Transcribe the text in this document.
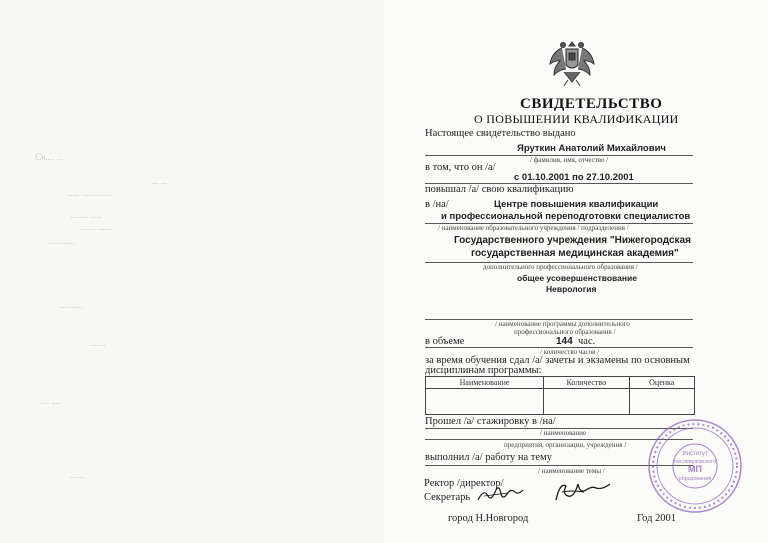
Сч.... ...
... ...
..... ..............
........ .....
....... ......
............
..........
.......
.... ....
......
СВИДЕТЕЛЬСТВО
О ПОВЫШЕНИИ КВАЛИФИКАЦИИ
Настоящее свидетельство выдано
Яруткин Анатолий Михайлович
/ фамилия, имя, отчество /
в том, что он /а/
с 01.10.2001 по 27.10.2001
повышал /а/ свою квалификацию
в /на/	Центре повышения квалификации
и профессиональной переподготовки специалистов
/ наименование образовательного учреждения / подразделения /
Государственного учреждения "Нижегородская
государственная медицинская академия"
дополнительного профессионального образования /
общее усовершенствование
Неврология
/ наименование программы дополнительного
профессионального образования /
в объеме	144 час.
/ количество часов /
за время обучения сдал /а/ зачеты и экзамены по основным
дисциплинам программы:
Наименование	Количество	Оценка

Прошел /а/ стажировку в /на/
/ наименование
предприятия, организации, учреждения /
выполнил /а/ работу на тему
/ наименование темы /
Ректор /директор/
Секретарь
город Н.Новгород	Год 2001
Институт
послевузовского
МП
образования
